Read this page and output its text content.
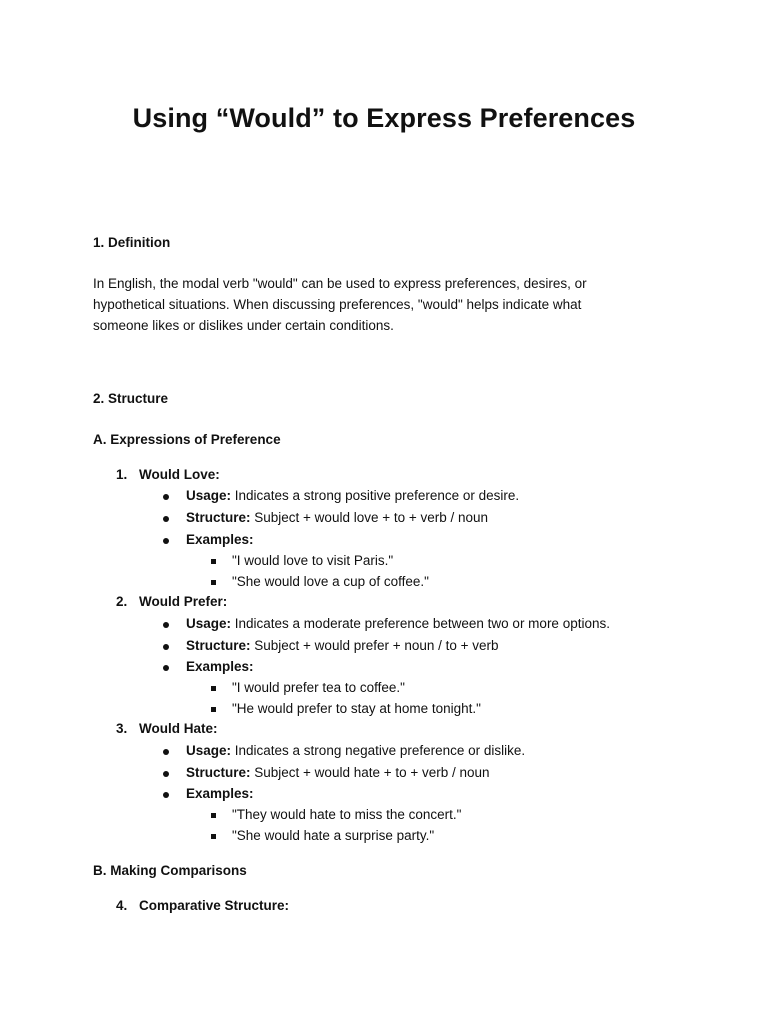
Using “Would” to Express Preferences
1. Definition

In English, the modal verb "would" can be used to express preferences, desires, or
hypothetical situations. When discussing preferences, "would" helps indicate what
someone likes or dislikes under certain conditions.

2. Structure
A. Expressions of Preference
1. Would Love:
Usage: Indicates a strong positive preference or desire.
Structure: Subject + would love + to + verb / noun
Examples:
"I would love to visit Paris."
"She would love a cup of coffee."
2. Would Prefer:
Usage: Indicates a moderate preference between two or more options.
Structure: Subject + would prefer + noun / to + verb
Examples:
"I would prefer tea to coffee."
"He would prefer to stay at home tonight."
3. Would Hate:
Usage: Indicates a strong negative preference or dislike.
Structure: Subject + would hate + to + verb / noun
Examples:
"They would hate to miss the concert."
"She would hate a surprise party."
B. Making Comparisons
4. Comparative Structure:
